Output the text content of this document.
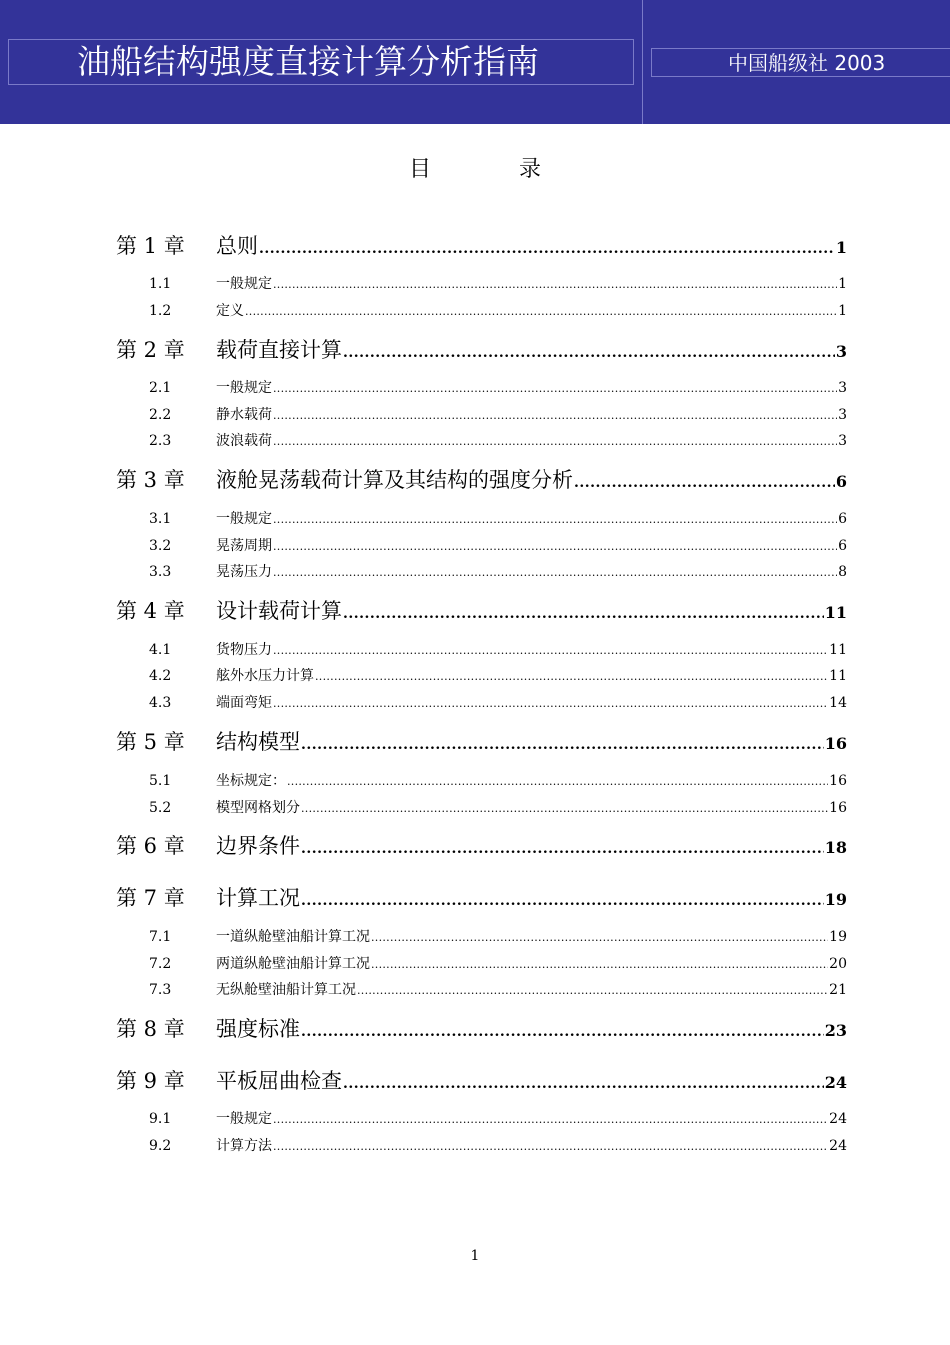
油船结构强度直接计算分析指南	中国船级社 2003
目录
第 1 章 总则 .....	1
1.1	一般规定 .....	1
1.2	定义 .....	1
第 2 章 载荷直接计算 .....	3
2.1	一般规定 .....	3
2.2	静水载荷 .....	3
2.3	波浪载荷 .....	3
第 3 章 液舱晃荡载荷计算及其结构的强度分析 .....	6
3.1	一般规定 .....	6
3.2	晃荡周期 .....	6
3.3	晃荡压力 .....	8
第 4 章 设计载荷计算 .....	11
4.1	货物压力 .....	11
4.2	舷外水压力计算 .....	11
4.3	端面弯矩 .....	14
第 5 章 结构模型 .....	16
5.1	坐标规定： .....	16
5.2	模型网格划分 .....	16
第 6 章 边界条件 .....	18
第 7 章 计算工况 .....	19
7.1	一道纵舱壁油船计算工况 .....	19
7.2	两道纵舱壁油船计算工况 .....	20
7.3	无纵舱壁油船计算工况 .....	21
第 8 章 强度标准 .....	23
第 9 章 平板屈曲检查 .....	24
9.1	一般规定 .....	24
9.2	计算方法 .....	24
1
